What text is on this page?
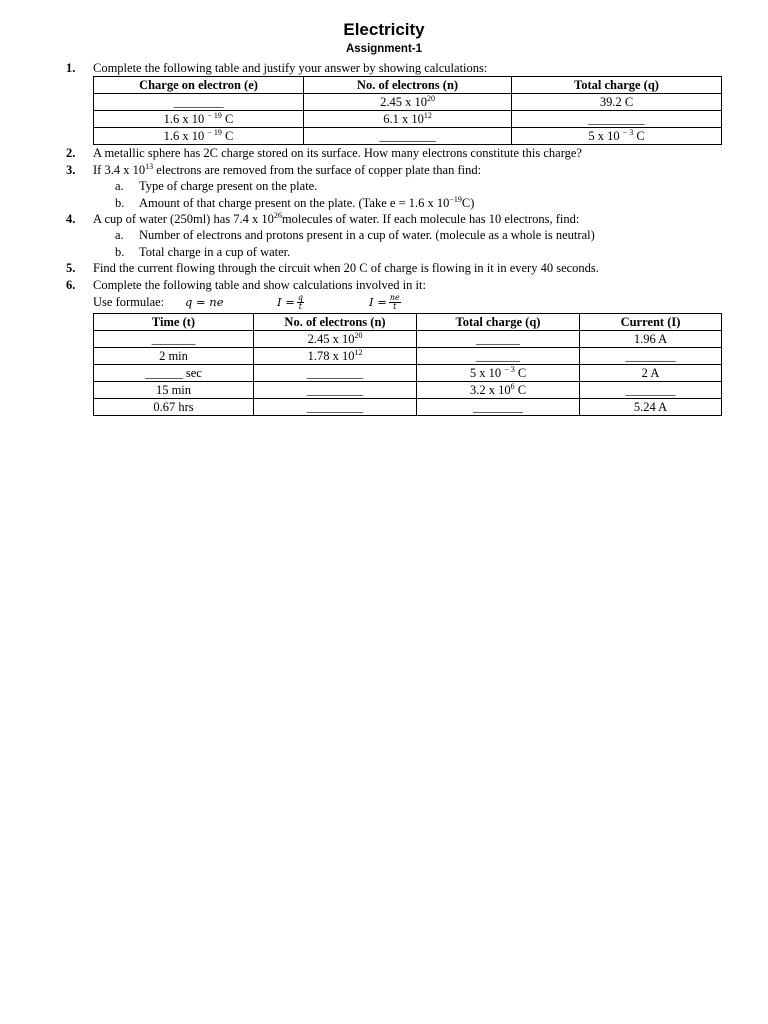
Electricity
Assignment-1
1.	Complete the following table and justify your answer by showing calculations:
Charge on electron (e)	No. of electrons (n)	Total charge (q)
________	2.45 x $10^{20}$	39.2 C
1.6 x 10 $^{- 19}$ C	6.1 x $10^{12}$	_________
1.6 x 10 $^{- 19}$ C	_________	5 x 10 $^{- 3}$ C
2.	A metallic sphere has 2C charge stored on its surface. How many electrons constitute this charge?
3.	If 3.4 x $10^{13}$ electrons are removed from the surface of copper plate than find:
a.	Type of charge present on the plate.
b.	Amount of that charge present on the plate. (Take e = 1.6 x $10^{-19}C$)
4.	A cup of water (250ml) has 7.4 x $10^{26}molecules$ of water. If each molecule has 10 electrons, find:
a.	Number of electrons and protons present in a cup of water. (molecule as a whole is neutral)
b.	Total charge in a cup of water.
5.	Find the current flowing through the circuit when 20 C of charge is flowing in it in every 40 seconds.
6.	Complete the following table and show calculations involved in it:
Use formulae:	q = ne	$I = \frac{q}{t}$	$I = \frac{ne}{t}$
Time (t)	No. of electrons (n)	Total charge (q)	Current (I)
_______	2.45 x $10^{20}$	_______	1.96 A
2 min	1.78 x $10^{12}$	_______	________
______ sec	_________	5 x 10 $^{- 3}$ C	2 A
15 min	_________	3.2 x $10^6$ C	________
0.67 hrs	_________	________	5.24 A
